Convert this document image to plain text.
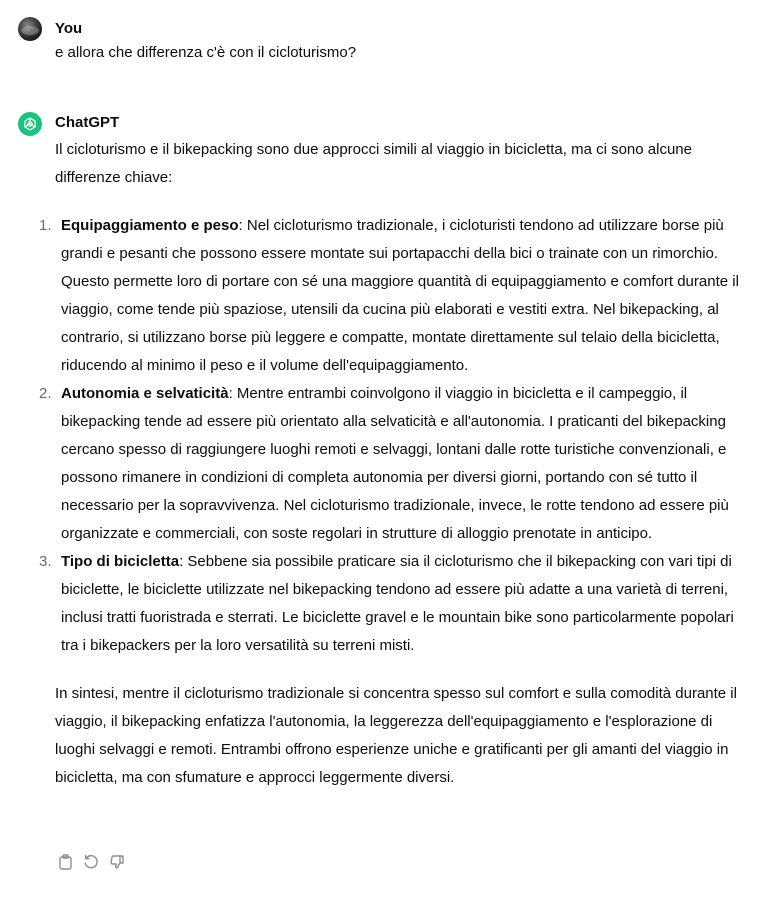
You
e allora che differenza c'è con il cicloturismo?
ChatGPT

Il cicloturismo e il bikepacking sono due approcci simili al viaggio in bicicletta, ma ci sono alcune differenze chiave:

1. Equipaggiamento e peso: Nel cicloturismo tradizionale, i cicloturisti tendono ad utilizzare borse più grandi e pesanti che possono essere montate sui portapacchi della bici o trainate con un rimorchio. Questo permette loro di portare con sé una maggiore quantità di equipaggiamento e comfort durante il viaggio, come tende più spaziose, utensili da cucina più elaborati e vestiti extra. Nel bikepacking, al contrario, si utilizzano borse più leggere e compatte, montate direttamente sul telaio della bicicletta, riducendo al minimo il peso e il volume dell'equipaggiamento.
2. Autonomia e selvaticità: Mentre entrambi coinvolgono il viaggio in bicicletta e il campeggio, il bikepacking tende ad essere più orientato alla selvaticità e all'autonomia. I praticanti del bikepacking cercano spesso di raggiungere luoghi remoti e selvaggi, lontani dalle rotte turistiche convenzionali, e possono rimanere in condizioni di completa autonomia per diversi giorni, portando con sé tutto il necessario per la sopravvivenza. Nel cicloturismo tradizionale, invece, le rotte tendono ad essere più organizzate e commerciali, con soste regolari in strutture di alloggio prenotate in anticipo.
3. Tipo di bicicletta: Sebbene sia possibile praticare sia il cicloturismo che il bikepacking con vari tipi di biciclette, le biciclette utilizzate nel bikepacking tendono ad essere più adatte a una varietà di terreni, inclusi tratti fuoristrada e sterrati. Le biciclette gravel e le mountain bike sono particolarmente popolari tra i bikepackers per la loro versatilità su terreni misti.

In sintesi, mentre il cicloturismo tradizionale si concentra spesso sul comfort e sulla comodità durante il viaggio, il bikepacking enfatizza l'autonomia, la leggerezza dell'equipaggiamento e l'esplorazione di luoghi selvaggi e remoti. Entrambi offrono esperienze uniche e gratificanti per gli amanti del viaggio in bicicletta, ma con sfumature e approcci leggermente diversi.
